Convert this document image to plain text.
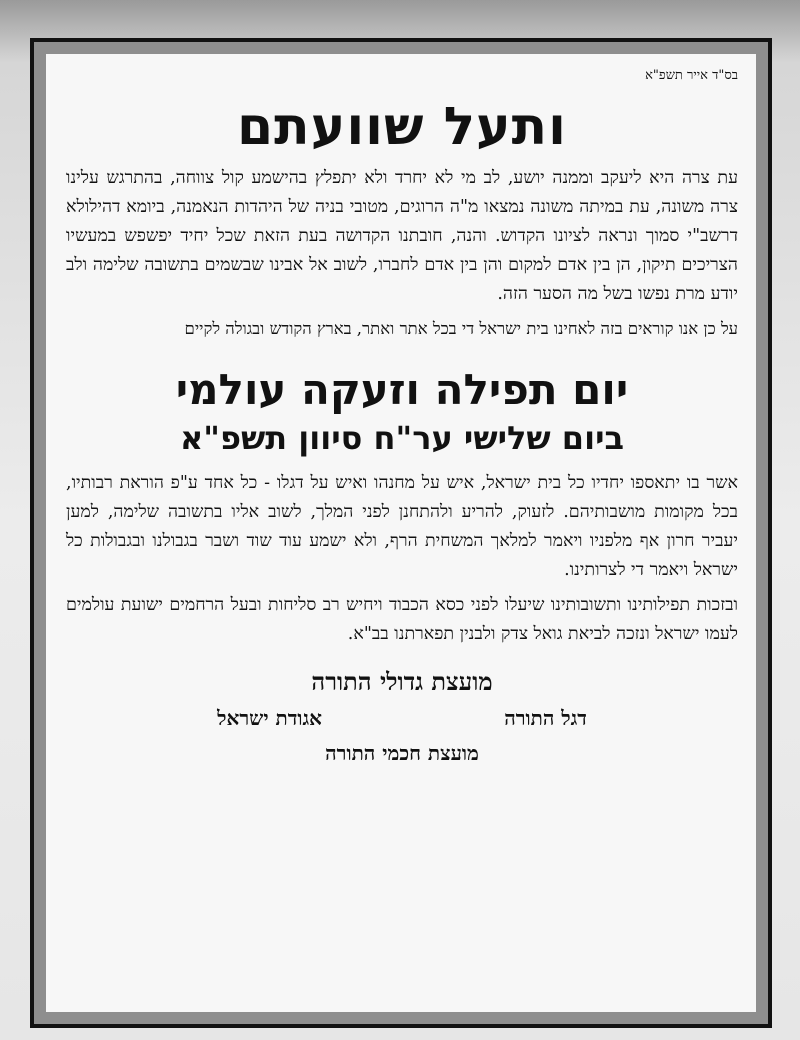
בס"ד אייר תשפ"א
ותעל שוועתם

עת צרה היא ליעקב וממנה יושע, לב מי לא יחרד ולא יתפלץ בהישמע קול צווחה, בהתרגש עלינו צרה משונה, עת במיתה משונה נמצאו מ"ה הרוגים, מטובי בניה של היהדות הנאמנה, ביומא דהילולא דרשב"י סמוך ונראה לציונו הקדוש. והנה, חובתנו הקדושה בעת הזאת שכל יחיד יפשפש במעשיו הצריכים תיקון, הן בין אדם למקום והן בין אדם לחברו, לשוב אל אבינו שבשמים בתשובה שלימה ולב יודע מרת נפשו בשל מה הסער הזה.

על כן אנו קוראים בזה לאחינו בית ישראל די בכל אתר ואתר, בארץ הקודש ובגולה לקיים

יום תפילה וזעקה עולמי
ביום שלישי ער"ח סיוון תשפ"א

אשר בו יתאספו יחדיו כל בית ישראל, איש על מחנהו ואיש על דגלו - כל אחד ע"פ הוראת רבותיו, בכל מקומות מושבותיהם. לזעוק, להריע ולהתחנן לפני המלך, לשוב אליו בתשובה שלימה, למען יעביר חרון אף מלפניו ויאמר למלאך המשחית הרף, ולא ישמע עוד שוד ושבר בגבולנו ובגבולות כל ישראל ויאמר די לצרותינו.

ובזכות תפילותינו ותשובותינו שיעלו לפני כסא הכבוד ויחיש רב סליחות ובעל הרחמים ישועת עולמים לעמו ישראל ונזכה לביאת גואל צדק ולבנין תפארתנו בב"א.

מועצת גדולי התורה
דגל התורה
אגודת ישראל
מועצת חכמי התורה
